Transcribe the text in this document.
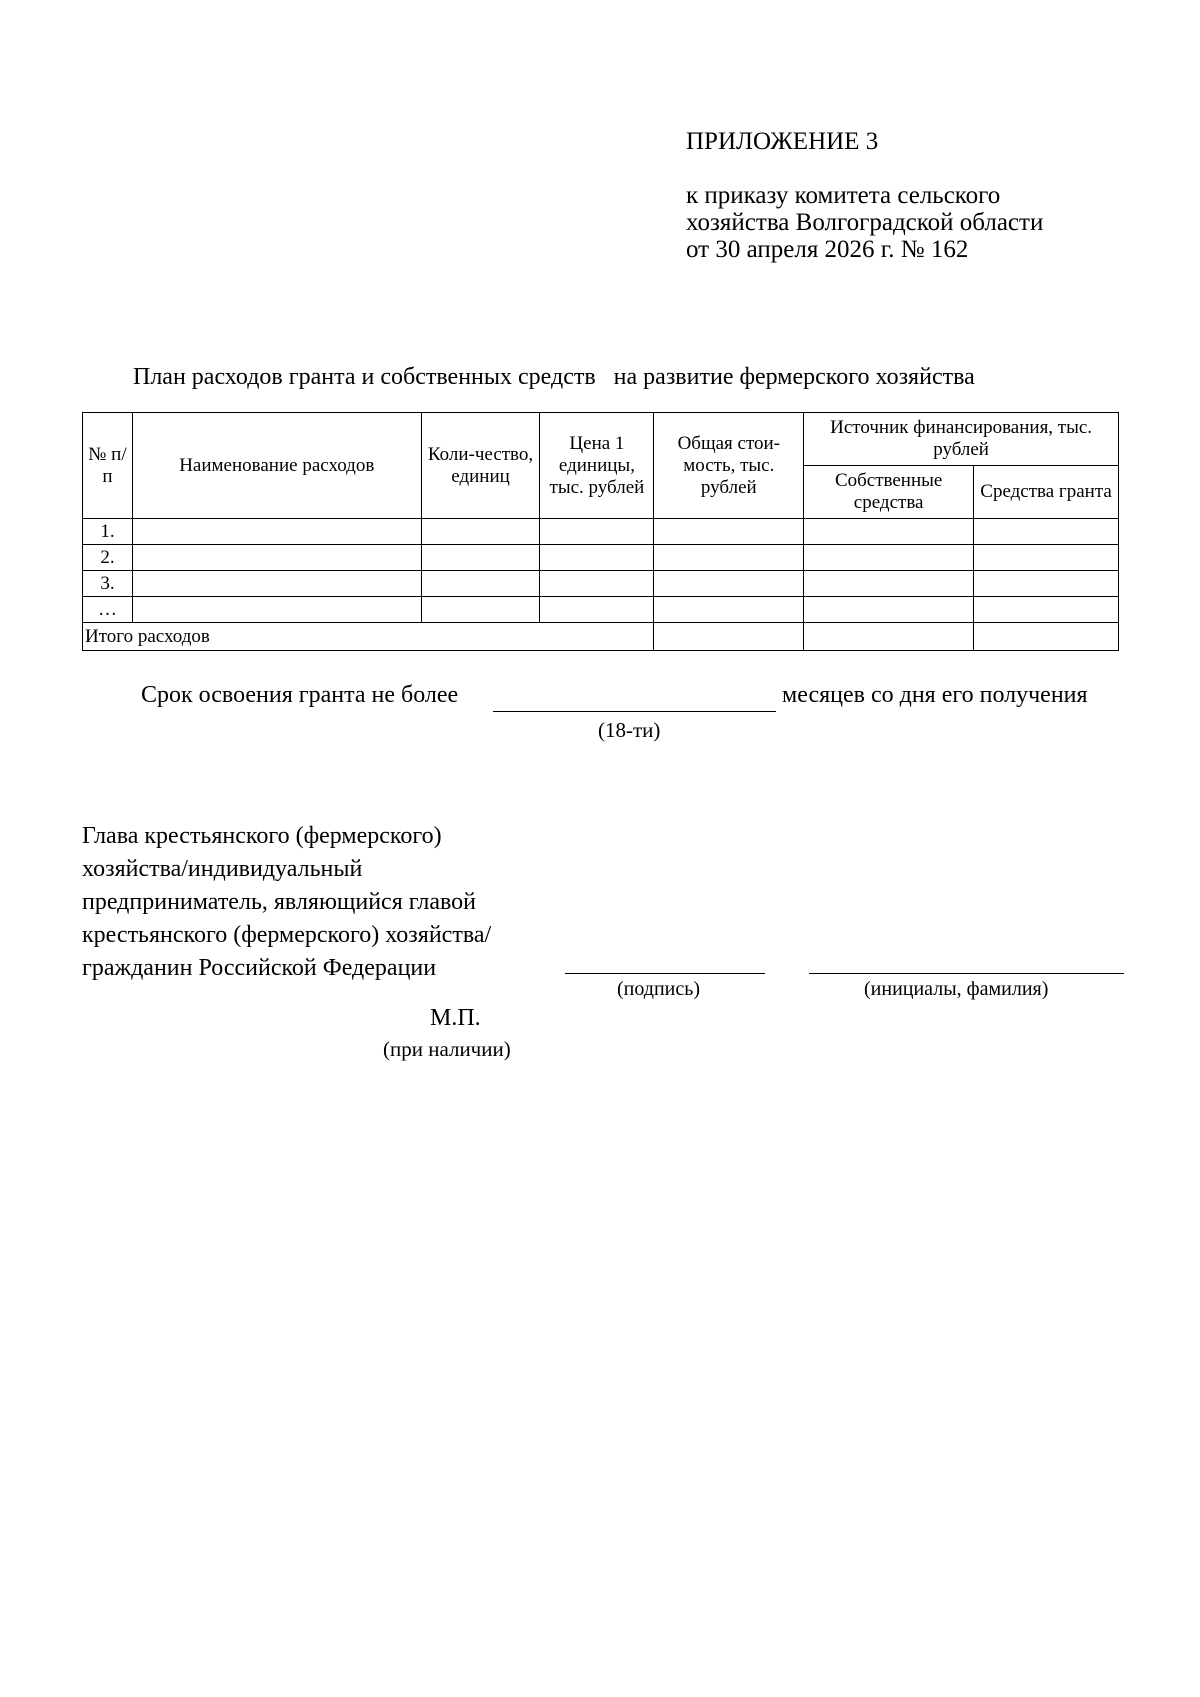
ПРИЛОЖЕНИЕ 3
к приказу комитета сельского
хозяйства Волгоградской области
от 30 апреля 2026 г. № 162
План расходов гранта и собственных средств   на развитие фермерского хозяйства
№ п/п	Наименование расходов	Коли-чество, единиц	Цена 1 единицы, тыс. рублей	Общая стои-мость, тыс. рублей	Источник финансирования, тыс. рублей	
					Собственные средства	Средства гранта
1.						
2.						
3.						
…						
Итого расходов						
Срок освоения гранта не более	месяцев со дня его получения
(18-ти)
Глава крестьянского (фермерского)
хозяйства/индивидуальный
предприниматель, являющийся главой
крестьянского (фермерского) хозяйства/
гражданин Российской Федерации
(подпись)	(инициалы, фамилия)
М.П.
(при наличии)
